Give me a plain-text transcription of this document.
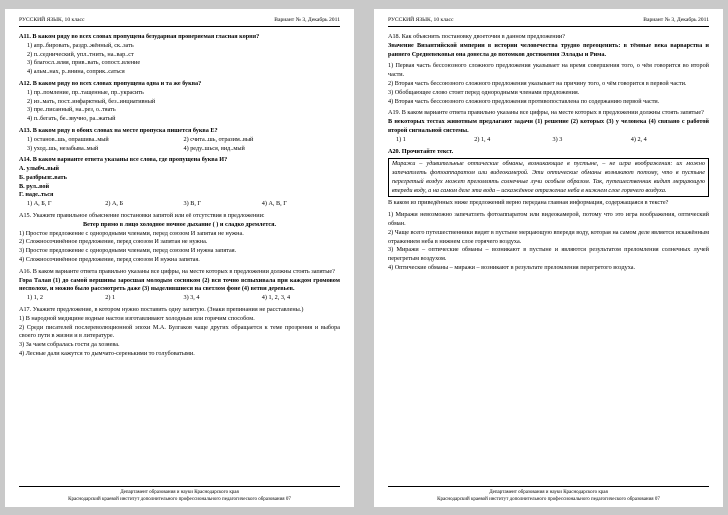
РУССКИЙ ЯЗЫК, 10 класс	Вариант № 3, Декабрь 2011
А11. В каком ряду во всех словах пропущена безударная проверяемая гласная корня?
1) апр..бировать, раздр..жённый, ск..зать
2) п..седнический, упл..тнить, на..вар..ст
3) благосл..вляя, прив..вать, сопост..вление
4) альм..нах, р..внина, соприк..саться
А12. В каком ряду во всех словах пропущена одна и та же буква?
1) пр..помление, пр..тащенные, пр..украсить
2) из..мать, пост..инфарктный, без..инциативный
3) пре..писанный, на..рез, о..тяать
4) п..бегать, бе..звучно, ра..жатый
А13. В каком ряду в обоих словах на месте пропуска пишется буква Е?
1) останов..шь, опрашива..мый	2) счита..шь, отразим..вый
3) уход..шь, незабыва..мый	4) реду..шься, вид..мый
А14. В каком варианте ответа указаны все слова, где пропущена буква И?
А. улыбч..вый
Б. разбрызг..вать
В. рул..вой
Г. наде..ться
1) А, Б, Г	2) А, Б	3) В, Г	4) А, В, Г
А15. Укажите правильное объяснение постановки запятой или её отсутствия в предложении:
Ветер прямо в лицо холодное ночное дыхание ( ) и сладко дремлется.
1) Простое предложение с однородными членами, перед союзом И запятая не нужна.
2) Сложносочинённое предложение, перед союзом И запятая не нужна.
3) Простое предложение с однородными членами, перед союзом И нужна запятая.
4) Сложносочинённое предложение, перед союзом И нужна запятая.
А16. В каком варианте ответа правильно указаны все цифры, на месте которых в предложении должны стоять запятые?
Гора Талая (1) до самой вершины заросшая молодым сосняком (2) вся точно вспыхивала при каждом громовом несполохе, и можно было рассмотреть даже (3) выделившиеся на светлом фоне (4) ветви деревьев.
1) 1, 2	2) 1	3) 3, 4	4) 1, 2, 3, 4
А17. Укажите предложение, в котором нужно поставить одну запятую. (Знаки препинания не расставлены.)
1) В народной медицине водные настои изготавливают холодным или горячим способом.
2) Среди писателей послереволюционной эпохи М.А. Булгаков чаще других обращается к теме прозрения и выбора своего пути в жизни и в литературе.
3) За чаем собралась гости да хозяева.
4) Лесные дали кажутся то дымчато-серенькими то голубоватыми.
Департамент образования и науки Краснодарского края
Краснодарский краевой институт дополнительного профессионального педагогического образования 07
РУССКИЙ ЯЗЫК, 10 класс	Вариант № 3, Декабрь 2011
А18. Как объяснить постановку двоеточия в данном предложении?
Значение Византийской империи в истории человечества трудно переоценить: в тёмные века варварства и раннего Средневековья она донесла до потомков достижения Эллады и Рима.
1) Первая часть бессоюзного сложного предложения указывает на время совершения того, о чём говорится во второй части.
2) Вторая часть бессоюзного сложного предложения указывает на причину того, о чём говорится в первой части.
3) Обобщающее слово стоит перед однородными членами предложения.
4) Вторая часть бессоюзного сложного предложения противопоставлена по содержанию первой части.
А19. В каком варианте ответа правильно указаны все цифры, на месте которых в предложении должны стоять запятые?
В некоторых тестах животным предлагают задачи (1) решение (2) которых (3) у человека (4) связано с работой второй сигнальной системы.
1) 1	2) 1, 4	3) 3	4) 2, 4
А20. Прочитайте текст.
Миражи – удивительные оптические обманы, возникающие в пустыне, – не игра воображения: их можно запечатлеть фотоаппаратом или видеокамерой. Эти оптические обманы возникают потому, что в пустыне перегретый воздух может преломлять солнечные лучи особым образом. Так, путешественник видит мерцающую впереди воду, а на самом деле эта вода – искажённое отражение неба в нижнем слое горячего воздуха.
В каком из приведённых ниже предложений верно передана главная информация, содержащаяся в тексте?
1) Миражи невозможно запечатлеть фотоаппаратом или видеокамерой, потому что это игра воображения, оптический обман.
2) Чаще всего путешественники видят в пустыне мерцающую впереди воду, которая на самом деле является искажённым отражением неба в нижнем слое горячего воздуха.
3) Миражи – оптические обманы – возникают в пустыне и являются результатом преломления солнечных лучей перегретым воздухом.
4) Оптические обманы – миражи – возникают в результате преломления перегретого воздуха.
Департамент образования и науки Краснодарского края
Краснодарский краевой институт дополнительного профессионального педагогического образования 07
